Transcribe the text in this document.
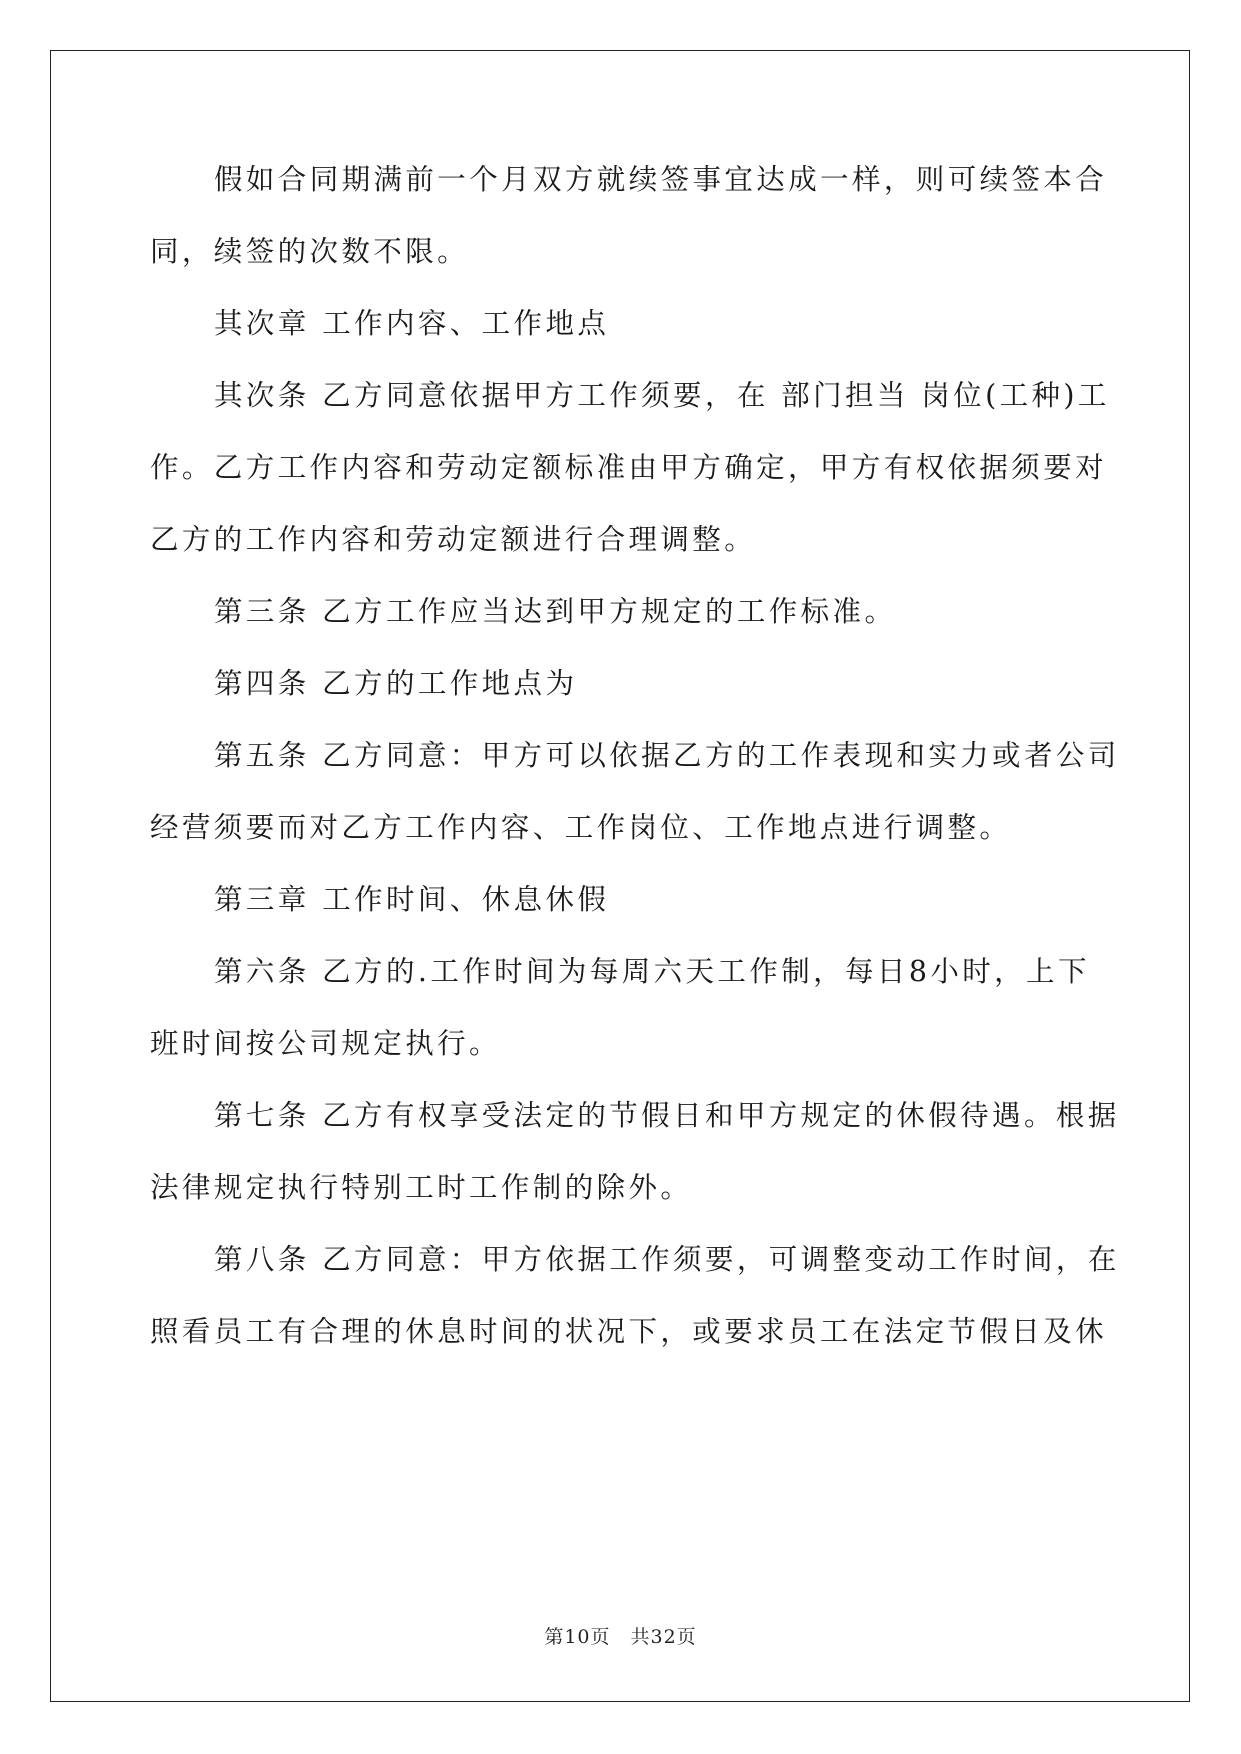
假如合同期满前一个月双方就续签事宜达成一样，则可续签本合
同，续签的次数不限。
其次章 工作内容、工作地点
其次条 乙方同意依据甲方工作须要，在 部门担当 岗位(工种)工
作。乙方工作内容和劳动定额标准由甲方确定，甲方有权依据须要对
乙方的工作内容和劳动定额进行合理调整。
第三条 乙方工作应当达到甲方规定的工作标准。
第四条 乙方的工作地点为
第五条 乙方同意：甲方可以依据乙方的工作表现和实力或者公司
经营须要而对乙方工作内容、工作岗位、工作地点进行调整。
第三章 工作时间、休息休假
第六条 乙方的.工作时间为每周六天工作制，每日8小时，上下
班时间按公司规定执行。
第七条 乙方有权享受法定的节假日和甲方规定的休假待遇。根据
法律规定执行特别工时工作制的除外。
第八条 乙方同意：甲方依据工作须要，可调整变动工作时间，在
照看员工有合理的休息时间的状况下，或要求员工在法定节假日及休
第10页　共32页
